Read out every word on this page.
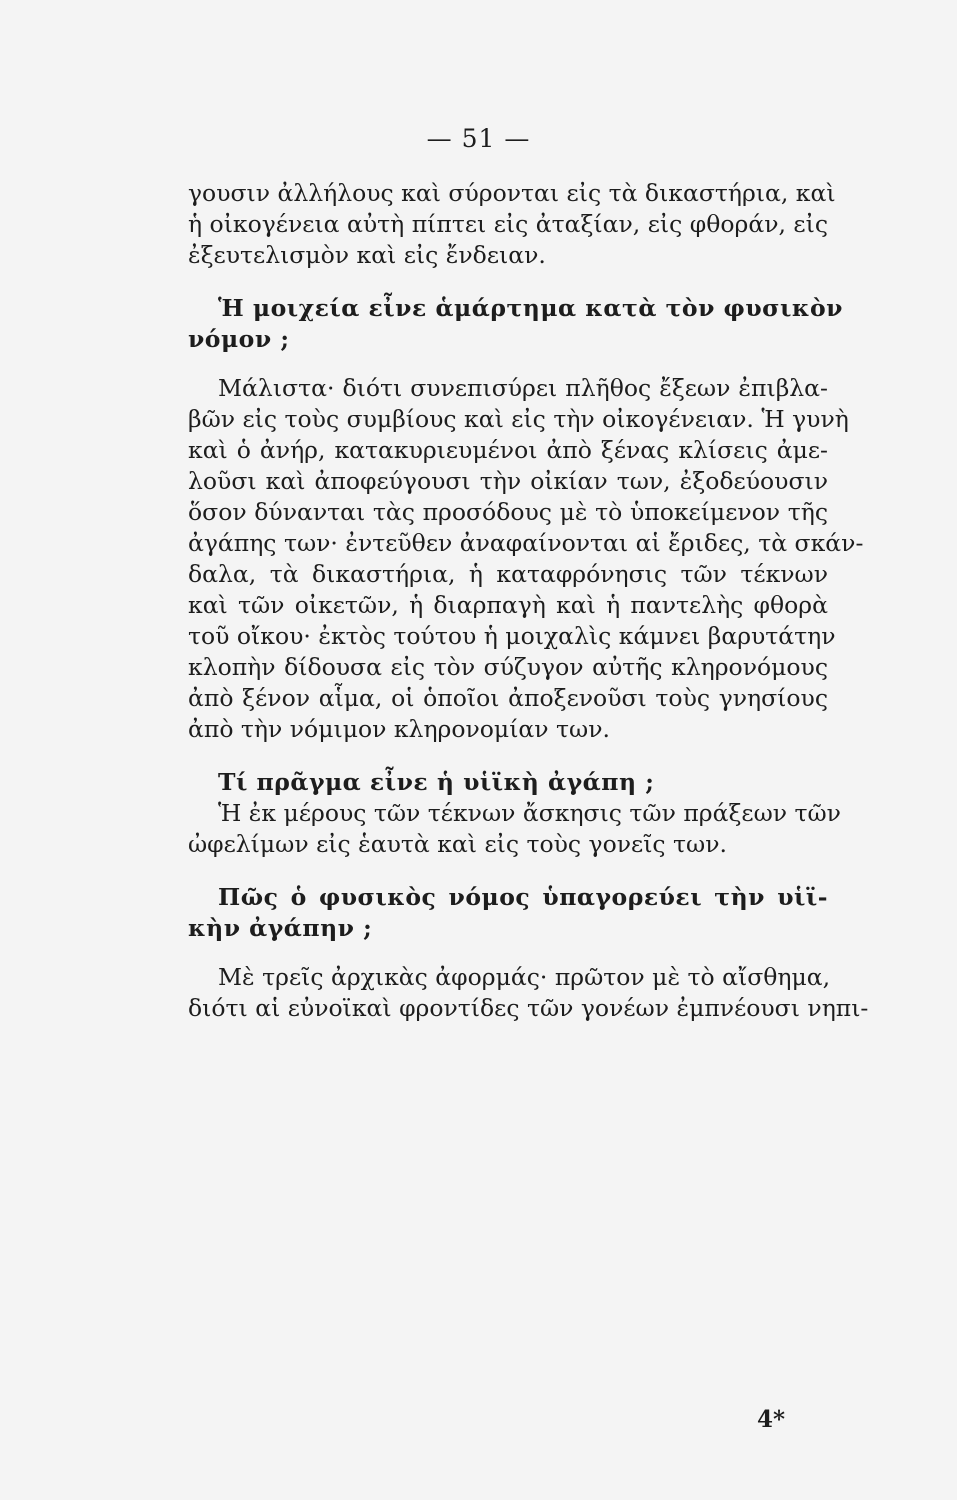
— 51 —
γουσιν ἀλλήλους καὶ σύρονται εἰς τὰ δικαστήρια, καὶ
ἡ οἰκογένεια αὐτὴ πίπτει εἰς ἀταξίαν, εἰς φθοράν, εἰς
ἐξευτελισμὸν καὶ εἰς ἔνδειαν.
Ἡ μοιχεία εἶνε ἁμάρτημα κατὰ τὸν φυσικὸν
νόμον ;
Μάλιστα· διότι συνεπισύρει πλῆθος ἔξεων ἐπιβλα-
βῶν εἰς τοὺς συμβίους καὶ εἰς τὴν οἰκογένειαν. Ἡ γυνὴ
καὶ ὁ ἀνήρ, κατακυριευμένοι ἀπὸ ξένας κλίσεις ἀμε-
λοῦσι καὶ ἀποφεύγουσι τὴν οἰκίαν των, ἐξοδεύουσιν
ὅσον δύνανται τὰς προσόδους μὲ τὸ ὑποκείμενον τῆς
ἀγάπης των· ἐντεῦθεν ἀναφαίνονται αἱ ἔριδες, τὰ σκάν-
δαλα, τὰ δικαστήρια, ἡ καταφρόνησις τῶν τέκνων
καὶ τῶν οἰκετῶν, ἡ διαρπαγὴ καὶ ἡ παντελὴς φθορὰ
τοῦ οἴκου· ἐκτὸς τούτου ἡ μοιχαλὶς κάμνει βαρυτάτην
κλοπὴν δίδουσα εἰς τὸν σύζυγον αὐτῆς κληρονόμους
ἀπὸ ξένον αἷμα, οἱ ὁποῖοι ἀποξενοῦσι τοὺς γνησίους
ἀπὸ τὴν νόμιμον κληρονομίαν των.
Τί πρᾶγμα εἶνε ἡ υἱϊκὴ ἀγάπη ;
Ἡ ἐκ μέρους τῶν τέκνων ἄσκησις τῶν πράξεων τῶν
ὠφελίμων εἰς ἑαυτὰ καὶ εἰς τοὺς γονεῖς των.
Πῶς ὁ φυσικὸς νόμος ὑπαγορεύει τὴν υἱϊ-
κὴν ἀγάπην ;
Μὲ τρεῖς ἀρχικὰς ἀφορμάς· πρῶτον μὲ τὸ αἴσθημα,
διότι αἱ εὐνοϊκαὶ φροντίδες τῶν γονέων ἐμπνέουσι νηπι-
4*
